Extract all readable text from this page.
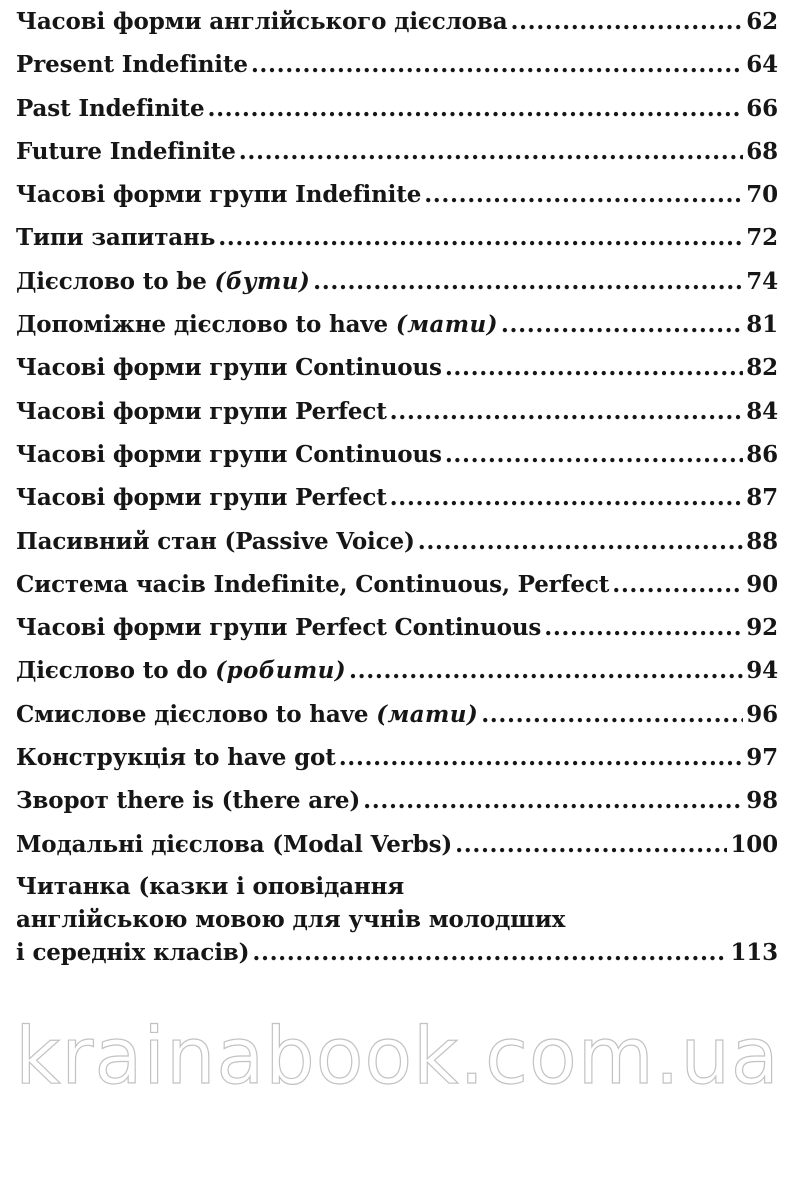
Часові форми англійського дієслова .....	62
Present Indefinite .....	64
Past Indefinite .....	66
Future Indefinite .....	68
Часові форми групи Indefinite .....	70
Типи запитань .....	72
Дієслово to be (бути) .....	74
Допоміжне дієслово to have (мати) .....	81
Часові форми групи Continuous .....	82
Часові форми групи Perfect .....	84
Часові форми групи Continuous .....	86
Часові форми групи Perfect .....	87
Пасивний стан (Passive Voice) .....	88
Система часів Indefinite, Continuous, Perfect .....	90
Часові форми групи Perfect Continuous .....	92
Дієслово to do (робити) .....	94
Смислове дієслово to have (мати) .....	96
Конструкція to have got .....	97
Зворот there is (there are) .....	98
Модальні дієслова (Modal Verbs) .....	100
Читанка (казки і оповідання
англійською мовою для учнів молодших
і середніх класів) .....	113
krainabook.com.ua
